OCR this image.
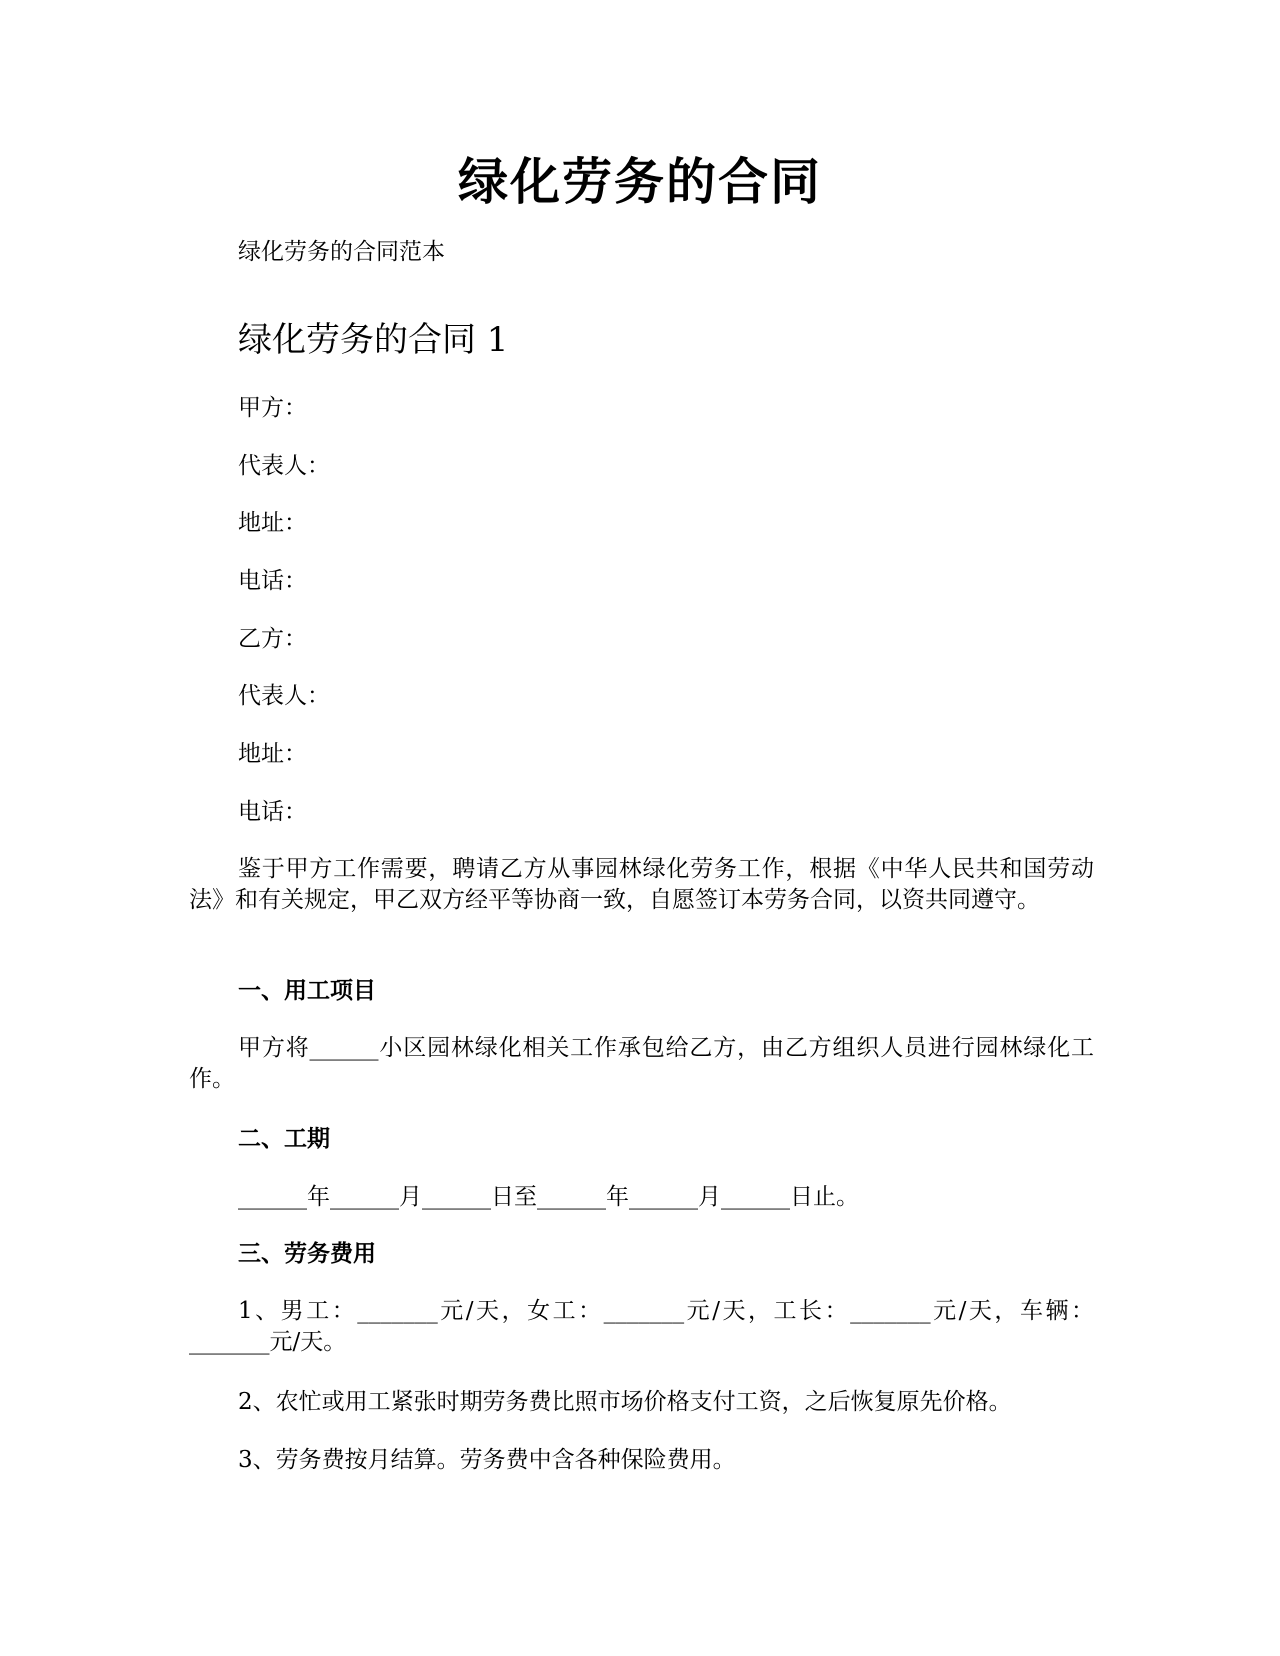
绿化劳务的合同
绿化劳务的合同范本
绿化劳务的合同 1
甲方：
代表人：
地址：
电话：
乙方：
代表人：
地址：
电话：
鉴于甲方工作需要，聘请乙方从事园林绿化劳务工作，根据《中华人民共和国劳动法》和有关规定，甲乙双方经平等协商一致，自愿签订本劳务合同，以资共同遵守。
一、用工项目
甲方将______小区园林绿化相关工作承包给乙方，由乙方组织人员进行园林绿化工作。
二、工期
______年______月______日至______年______月______日止。
三、劳务费用
1、男工：_______元/天，女工：_______元/天，工长：_______元/天，车辆：_______元/天。
2、农忙或用工紧张时期劳务费比照市场价格支付工资，之后恢复原先价格。
3、劳务费按月结算。劳务费中含各种保险费用。
